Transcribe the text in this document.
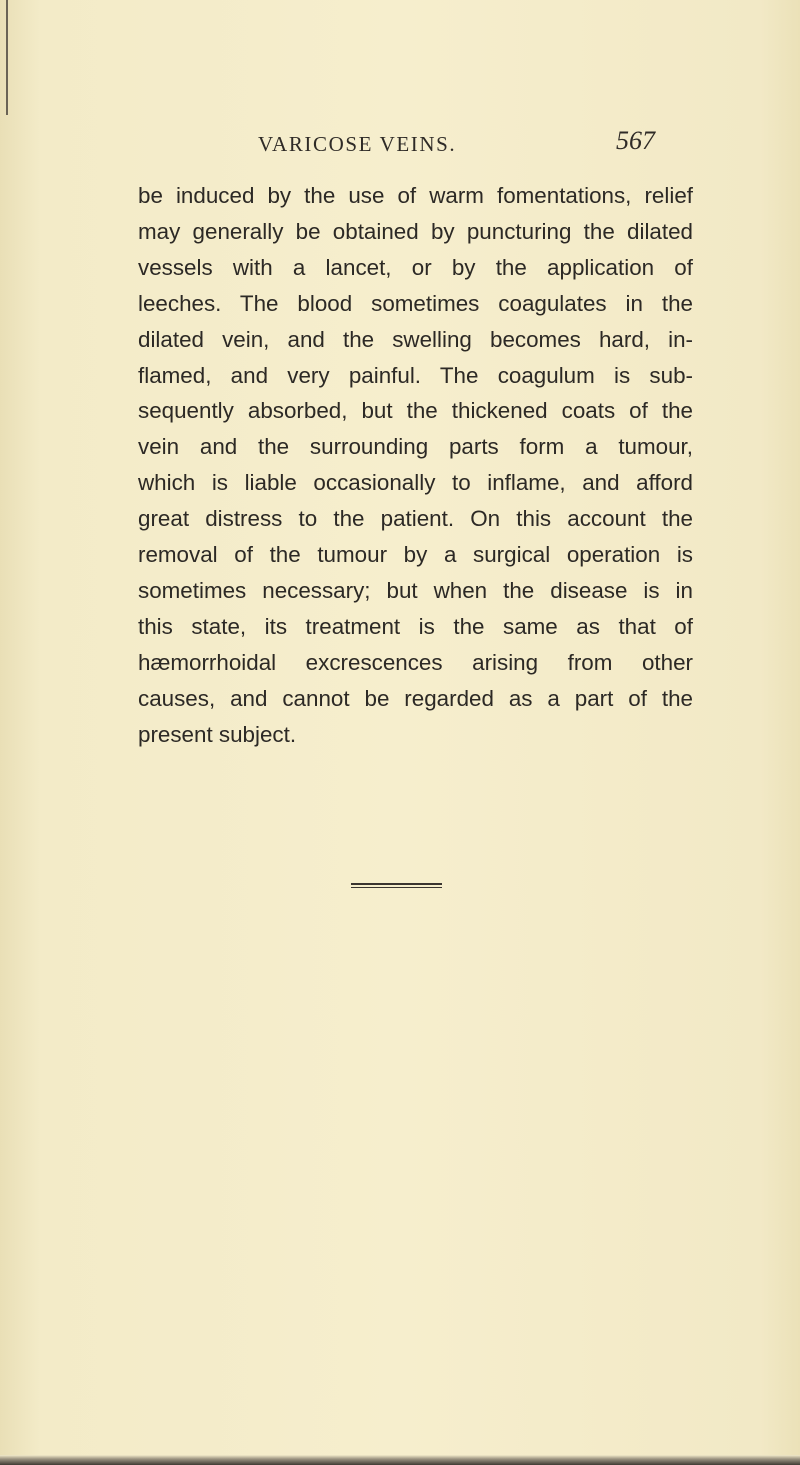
VARICOSE VEINS.	567
be induced by the use of warm fomentations, relief
may generally be obtained by puncturing the dilated
vessels with a lancet, or by the application of
leeches. The blood sometimes coagulates in the
dilated vein, and the swelling becomes hard, in-
flamed, and very painful. The coagulum is sub-
sequently absorbed, but the thickened coats of the
vein and the surrounding parts form a tumour,
which is liable occasionally to inflame, and afford
great distress to the patient. On this account the
removal of the tumour by a surgical operation is
sometimes necessary; but when the disease is in
this state, its treatment is the same as that of
hæmorrhoidal excrescences arising from other
causes, and cannot be regarded as a part of the
present subject.
